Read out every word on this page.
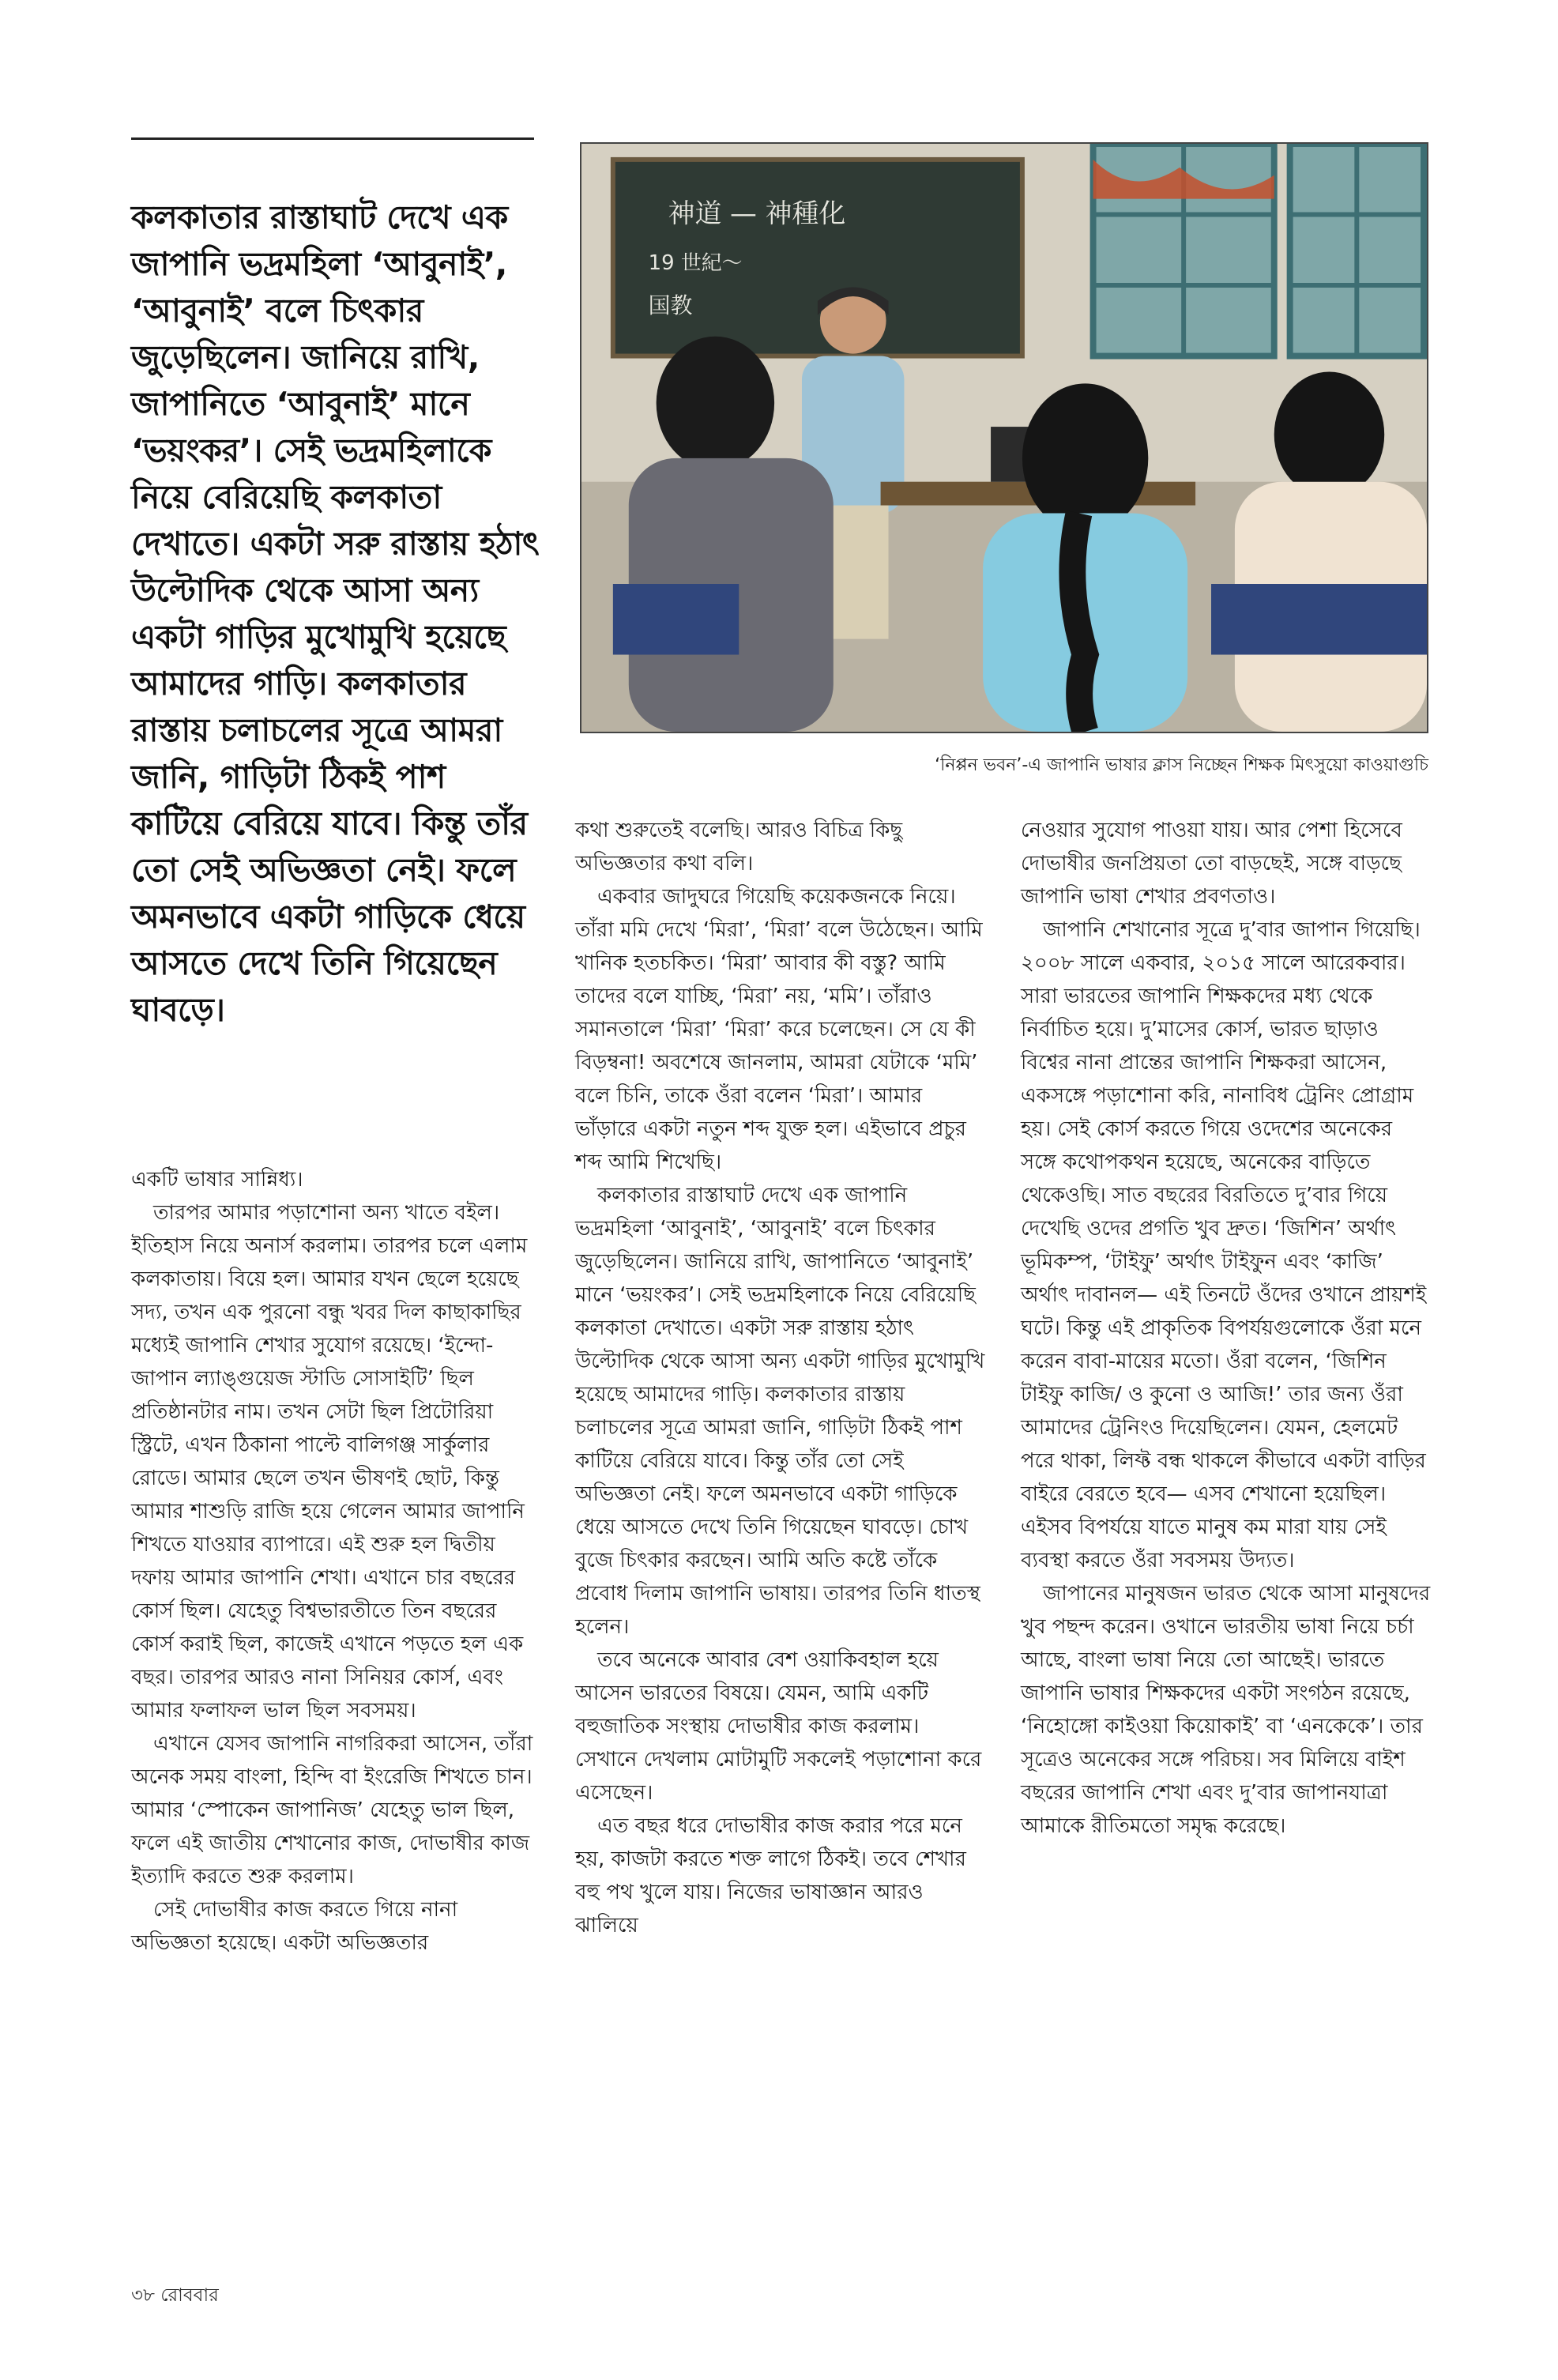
কলকাতার রাস্তাঘাট দেখে এক জাপানি ভদ্রমহিলা ‘আবুনাই’, ‘আবুনাই’ বলে চিৎকার জুড়েছিলেন। জানিয়ে রাখি, জাপানিতে ‘আবুনাই’ মানে ‘ভয়ংকর’। সেই ভদ্রমহিলাকে নিয়ে বেরিয়েছি কলকাতা দেখাতে। একটা সরু রাস্তায় হঠাৎ উল্টোদিক থেকে আসা অন্য একটা গাড়ির মুখোমুখি হয়েছে আমাদের গাড়ি। কলকাতার রাস্তায় চলাচলের সূত্রে আমরা জানি, গাড়িটা ঠিকই পাশ কাটিয়ে বেরিয়ে যাবে। কিন্তু তাঁর তো সেই অভিজ্ঞতা নেই। ফলে অমনভাবে একটা গাড়িকে ধেয়ে আসতে দেখে তিনি গিয়েছেন ঘাবড়ে।
神道 — 神種化
19 世紀～
国教
‘নিপ্পন ভবন’-এ জাপানি ভাষার ক্লাস নিচ্ছেন শিক্ষক মিৎসুয়ো কাওয়াগুচি

একটি ভাষার সান্নিধ্য।

তারপর আমার পড়াশোনা অন্য খাতে বইল। ইতিহাস নিয়ে অনার্স করলাম। তারপর চলে এলাম কলকাতায়। বিয়ে হল। আমার যখন ছেলে হয়েছে সদ্য, তখন এক পুরনো বন্ধু খবর দিল কাছাকাছির মধ্যেই জাপানি শেখার সুযোগ রয়েছে। ‘ইন্দো-জাপান ল্যাঙ্গুয়েজ স্টাডি সোসাইটি’ ছিল প্রতিষ্ঠানটার নাম। তখন সেটা ছিল প্রিটোরিয়া স্ট্রিটে, এখন ঠিকানা পাল্টে বালিগঞ্জ সার্কুলার রোডে। আমার ছেলে তখন ভীষণই ছোট, কিন্তু আমার শাশুড়ি রাজি হয়ে গেলেন আমার জাপানি শিখতে যাওয়ার ব্যাপারে। এই শুরু হল দ্বিতীয় দফায় আমার জাপানি শেখা। এখানে চার বছরের কোর্স ছিল। যেহেতু বিশ্বভারতীতে তিন বছরের কোর্স করাই ছিল, কাজেই এখানে পড়তে হল এক বছর। তারপর আরও নানা সিনিয়র কোর্স, এবং আমার ফলাফল ভাল ছিল সবসময়।

এখানে যেসব জাপানি নাগরিকরা আসেন, তাঁরা অনেক সময় বাংলা, হিন্দি বা ইংরেজি শিখতে চান। আমার ‘স্পোকেন জাপানিজ’ যেহেতু ভাল ছিল, ফলে এই জাতীয় শেখানোর কাজ, দোভাষীর কাজ ইত্যাদি করতে শুরু করলাম।

সেই দোভাষীর কাজ করতে গিয়ে নানা অভিজ্ঞতা হয়েছে। একটা অভিজ্ঞতার

কথা শুরুতেই বলেছি। আরও বিচিত্র কিছু অভিজ্ঞতার কথা বলি।

একবার জাদুঘরে গিয়েছি কয়েকজনকে নিয়ে। তাঁরা মমি দেখে ‘মিরা’, ‘মিরা’ বলে উঠেছেন। আমি খানিক হতচকিত। ‘মিরা’ আবার কী বস্তু? আমি তাদের বলে যাচ্ছি, ‘মিরা’ নয়, ‘মমি’। তাঁরাও সমানতালে ‘মিরা’ ‘মিরা’ করে চলেছেন। সে যে কী বিড়ম্বনা! অবশেষে জানলাম, আমরা যেটাকে ‘মমি’ বলে চিনি, তাকে ওঁরা বলেন ‘মিরা’। আমার ভাঁড়ারে একটা নতুন শব্দ যুক্ত হল। এইভাবে প্রচুর শব্দ আমি শিখেছি।

কলকাতার রাস্তাঘাট দেখে এক জাপানি ভদ্রমহিলা ‘আবুনাই’, ‘আবুনাই’ বলে চিৎকার জুড়েছিলেন। জানিয়ে রাখি, জাপানিতে ‘আবুনাই’ মানে ‘ভয়ংকর’। সেই ভদ্রমহিলাকে নিয়ে বেরিয়েছি কলকাতা দেখাতে। একটা সরু রাস্তায় হঠাৎ উল্টোদিক থেকে আসা অন্য একটা গাড়ির মুখোমুখি হয়েছে আমাদের গাড়ি। কলকাতার রাস্তায় চলাচলের সূত্রে আমরা জানি, গাড়িটা ঠিকই পাশ কাটিয়ে বেরিয়ে যাবে। কিন্তু তাঁর তো সেই অভিজ্ঞতা নেই। ফলে অমনভাবে একটা গাড়িকে ধেয়ে আসতে দেখে তিনি গিয়েছেন ঘাবড়ে। চোখ বুজে চিৎকার করছেন। আমি অতি কষ্টে তাঁকে প্রবোধ দিলাম জাপানি ভাষায়। তারপর তিনি ধাতস্থ হলেন।

তবে অনেকে আবার বেশ ওয়াকিবহাল হয়ে আসেন ভারতের বিষয়ে। যেমন, আমি একটি বহুজাতিক সংস্থায় দোভাষীর কাজ করলাম। সেখানে দেখলাম মোটামুটি সকলেই পড়াশোনা করে এসেছেন।

এত বছর ধরে দোভাষীর কাজ করার পরে মনে হয়, কাজটা করতে শক্ত লাগে ঠিকই। তবে শেখার বহু পথ খুলে যায়। নিজের ভাষাজ্ঞান আরও ঝালিয়ে

নেওয়ার সুযোগ পাওয়া যায়। আর পেশা হিসেবে দোভাষীর জনপ্রিয়তা তো বাড়ছেই, সঙ্গে বাড়ছে জাপানি ভাষা শেখার প্রবণতাও।

জাপানি শেখানোর সূত্রে দু’বার জাপান গিয়েছি। ২০০৮ সালে একবার, ২০১৫ সালে আরেকবার। সারা ভারতের জাপানি শিক্ষকদের মধ্য থেকে নির্বাচিত হয়ে। দু’মাসের কোর্স, ভারত ছাড়াও বিশ্বের নানা প্রান্তের জাপানি শিক্ষকরা আসেন, একসঙ্গে পড়াশোনা করি, নানাবিধ ট্রেনিং প্রোগ্রাম হয়। সেই কোর্স করতে গিয়ে ওদেশের অনেকের সঙ্গে কথোপকথন হয়েছে, অনেকের বাড়িতে থেকেওছি। সাত বছরের বিরতিতে দু’বার গিয়ে দেখেছি ওদের প্রগতি খুব দ্রুত। ‘জিশিন’ অর্থাৎ ভূমিকম্প, ‘টাইফু’ অর্থাৎ টাইফুন এবং ‘কাজি’ অর্থাৎ দাবানল— এই তিনটে ওঁদের ওখানে প্রায়শই ঘটে। কিন্তু এই প্রাকৃতিক বিপর্যয়গুলোকে ওঁরা মনে করেন বাবা-মায়ের মতো। ওঁরা বলেন, ‘জিশিন টাইফু কাজি/ ও কুনো ও আজি!’ তার জন্য ওঁরা আমাদের ট্রেনিংও দিয়েছিলেন। যেমন, হেলমেট পরে থাকা, লিফ্ট বন্ধ থাকলে কীভাবে একটা বাড়ির বাইরে বেরতে হবে— এসব শেখানো হয়েছিল। এইসব বিপর্যয়ে যাতে মানুষ কম মারা যায় সেই ব্যবস্থা করতে ওঁরা সবসময় উদ্যত।

জাপানের মানুষজন ভারত থেকে আসা মানুষদের খুব পছন্দ করেন। ওখানে ভারতীয় ভাষা নিয়ে চর্চা আছে, বাংলা ভাষা নিয়ে তো আছেই। ভারতে জাপানি ভাষার শিক্ষকদের একটা সংগঠন রয়েছে, ‘নিহোঙ্গো কাইওয়া কিয়োকাই’ বা ‘এনকেকে’। তার সূত্রেও অনেকের সঙ্গে পরিচয়। সব মিলিয়ে বাইশ বছরের জাপানি শেখা এবং দু’বার জাপানযাত্রা আমাকে রীতিমতো সমৃদ্ধ করেছে।

৩৮ রোববার
